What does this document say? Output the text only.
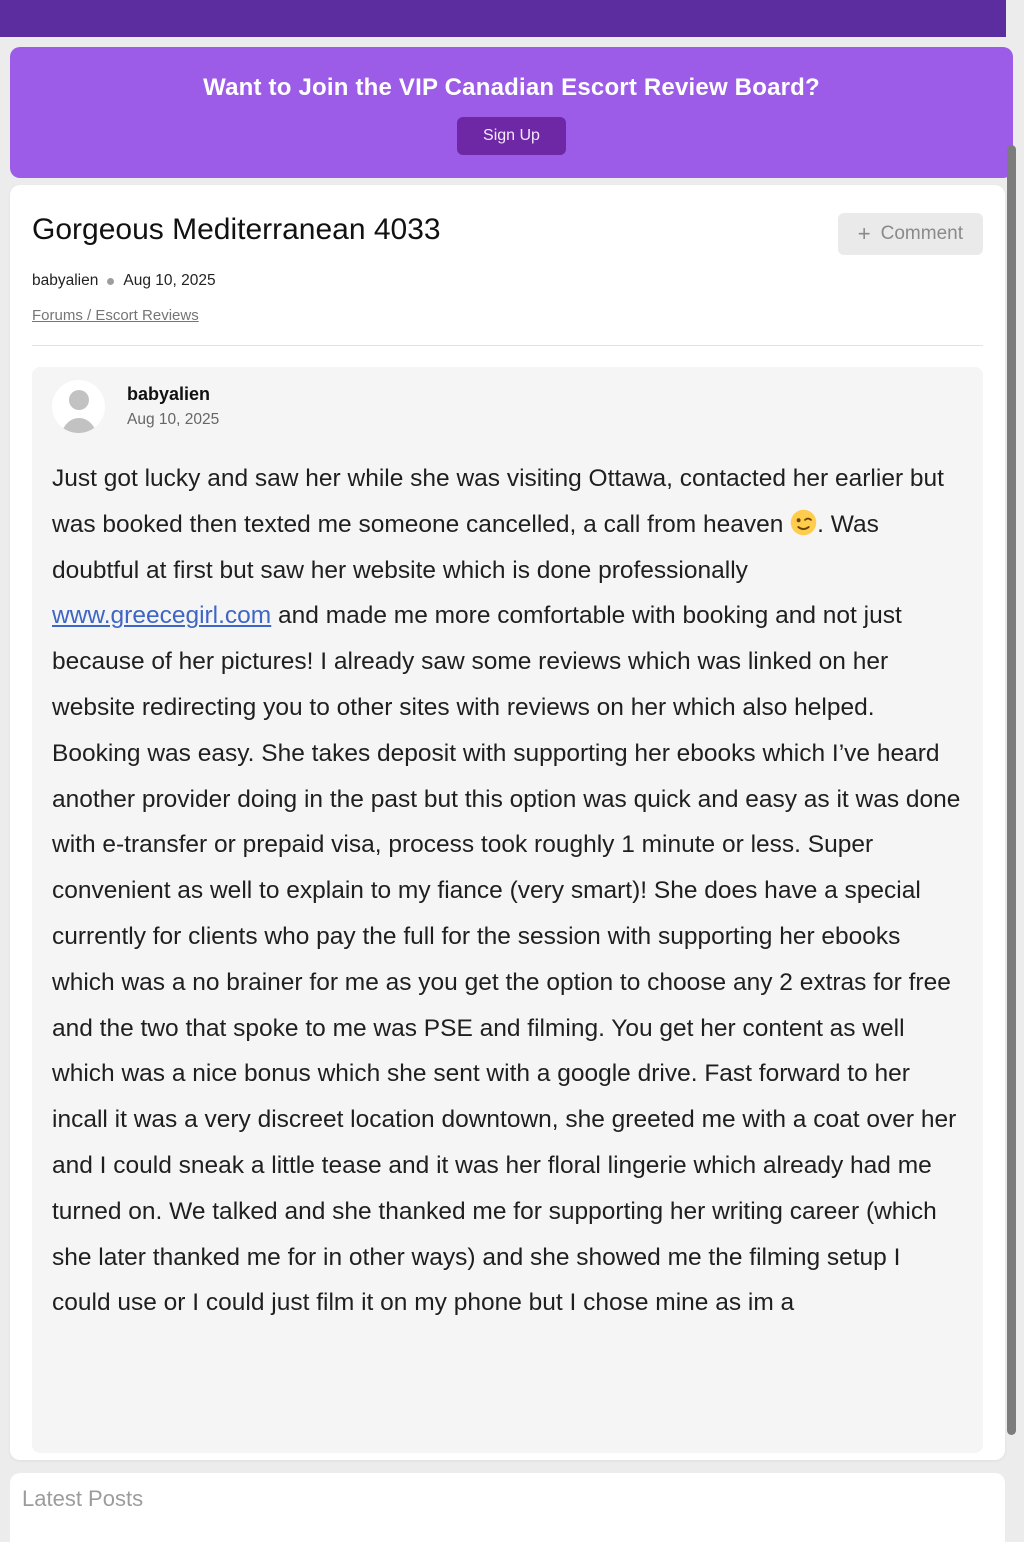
Want to Join the VIP Canadian Escort Review Board?
Sign Up
Gorgeous Mediterranean 4033	+ Comment
babyalien Aug 10, 2025
Forums / Escort Reviews
babyalien
Aug 10, 2025
Just got lucky and saw her while she was visiting Ottawa, contacted her earlier but was booked then texted me someone cancelled, a call from heaven . Was doubtful at first but saw her website which is done professionally www.greecegirl.com and made me more comfortable with booking and not just because of her pictures! I already saw some reviews which was linked on her website redirecting you to other sites with reviews on her which also helped. Booking was easy. She takes deposit with supporting her ebooks which I’ve heard another provider doing in the past but this option was quick and easy as it was done with e-transfer or prepaid visa, process took roughly 1 minute or less. Super convenient as well to explain to my fiance (very smart)! She does have a special currently for clients who pay the full for the session with supporting her ebooks which was a no brainer for me as you get the option to choose any 2 extras for free and the two that spoke to me was PSE and filming. You get her content as well which was a nice bonus which she sent with a google drive. Fast forward to her incall it was a very discreet location downtown, she greeted me with a coat over her and I could sneak a little tease and it was her floral lingerie which already had me turned on. We talked and she thanked me for supporting her writing career (which she later thanked me for in other ways) and she showed me the filming setup I could use or I could just film it on my phone but I chose mine as im a
Latest Posts
